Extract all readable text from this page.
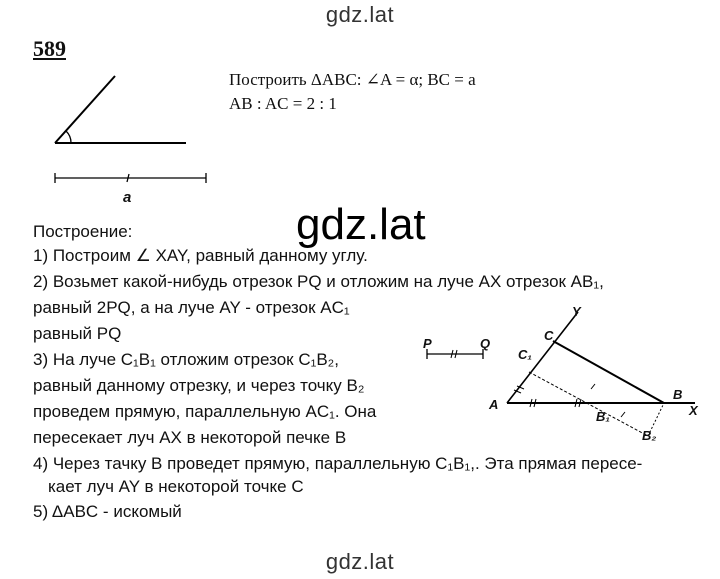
gdz.lat
gdz.lat
gdz.lat
589
a
Построить ΔABC: ∠A = α; BC = a
AB : AC = 2 : 1
Построение:
1) Построим ∠ XAY, равный данному углу.
2) Возьмет какой-нибудь отрезок PQ и отложим на луче AX отрезок AB₁,
равный 2PQ, а на луче AY - отрезок AC₁
равный PQ
3) На луче C₁B₁ отложим отрезок C₁B₂,
равный данному отрезку, и через точку B₂
проведем прямую, параллельную AC₁. Она
пересекает луч AX в некоторой печке B
4) Через тачку B проведет прямую, параллельную C₁B₁,. Эта прямая пересе-
кает луч AY в некоторой точке C
5) ΔABC - искомый
P	Q
A
B
B₁
B₂
C
C₁
X
Y
